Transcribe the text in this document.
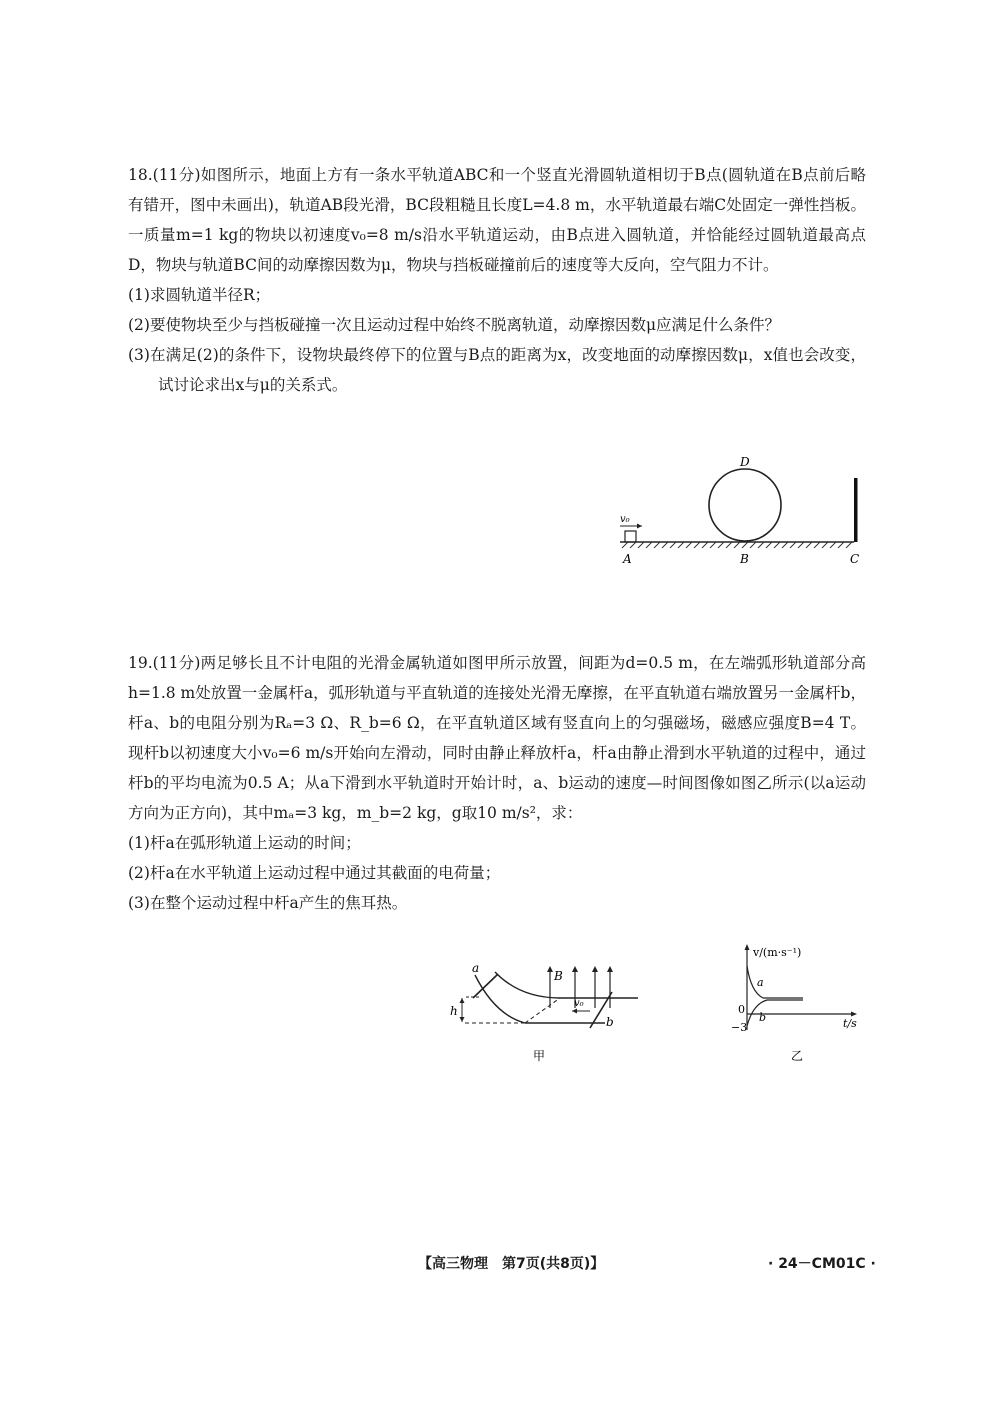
18.(11分)如图所示，地面上方有一条水平轨道ABC和一个竖直光滑圆轨道相切于B点(圆轨道在B点前后略有错开，图中未画出)，轨道AB段光滑，BC段粗糙且长度L=4.8 m，水平轨道最右端C处固定一弹性挡板。一质量m=1 kg的物块以初速度v₀=8 m/s沿水平轨道运动，由B点进入圆轨道，并恰能经过圆轨道最高点D，物块与轨道BC间的动摩擦因数为μ，物块与挡板碰撞前后的速度等大反向，空气阻力不计。
(1)求圆轨道半径R；
(2)要使物块至少与挡板碰撞一次且运动过程中始终不脱离轨道，动摩擦因数μ应满足什么条件？
(3)在满足(2)的条件下，设物块最终停下的位置与B点的距离为x，改变地面的动摩擦因数μ，x值也会改变，试讨论求出x与μ的关系式。
v₀
D
A	B	C
19.(11分)两足够长且不计电阻的光滑金属轨道如图甲所示放置，间距为d=0.5 m，在左端弧形轨道部分高h=1.8 m处放置一金属杆a，弧形轨道与平直轨道的连接处光滑无摩擦，在平直轨道右端放置另一金属杆b，杆a、b的电阻分别为Rₐ=3 Ω、R_b=6 Ω，在平直轨道区域有竖直向上的匀强磁场，磁感应强度B=4 T。现杆b以初速度大小v₀=6 m/s开始向左滑动，同时由静止释放杆a，杆a由静止滑到水平轨道的过程中，通过杆b的平均电流为0.5 A；从a下滑到水平轨道时开始计时，a、b运动的速度—时间图像如图乙所示(以a运动方向为正方向)，其中mₐ=3 kg，m_b=2 kg，g取10 m/s²，求：
(1)杆a在弧形轨道上运动的时间；
(2)杆a在水平轨道上运动过程中通过其截面的电荷量；
(3)在整个运动过程中杆a产生的焦耳热。
h
a
B
v₀
b
甲
v/(m·s⁻¹)
t/s
0
−3
a
b
乙
【高三物理　第7页(共8页)】	· 24－CM01C ·
